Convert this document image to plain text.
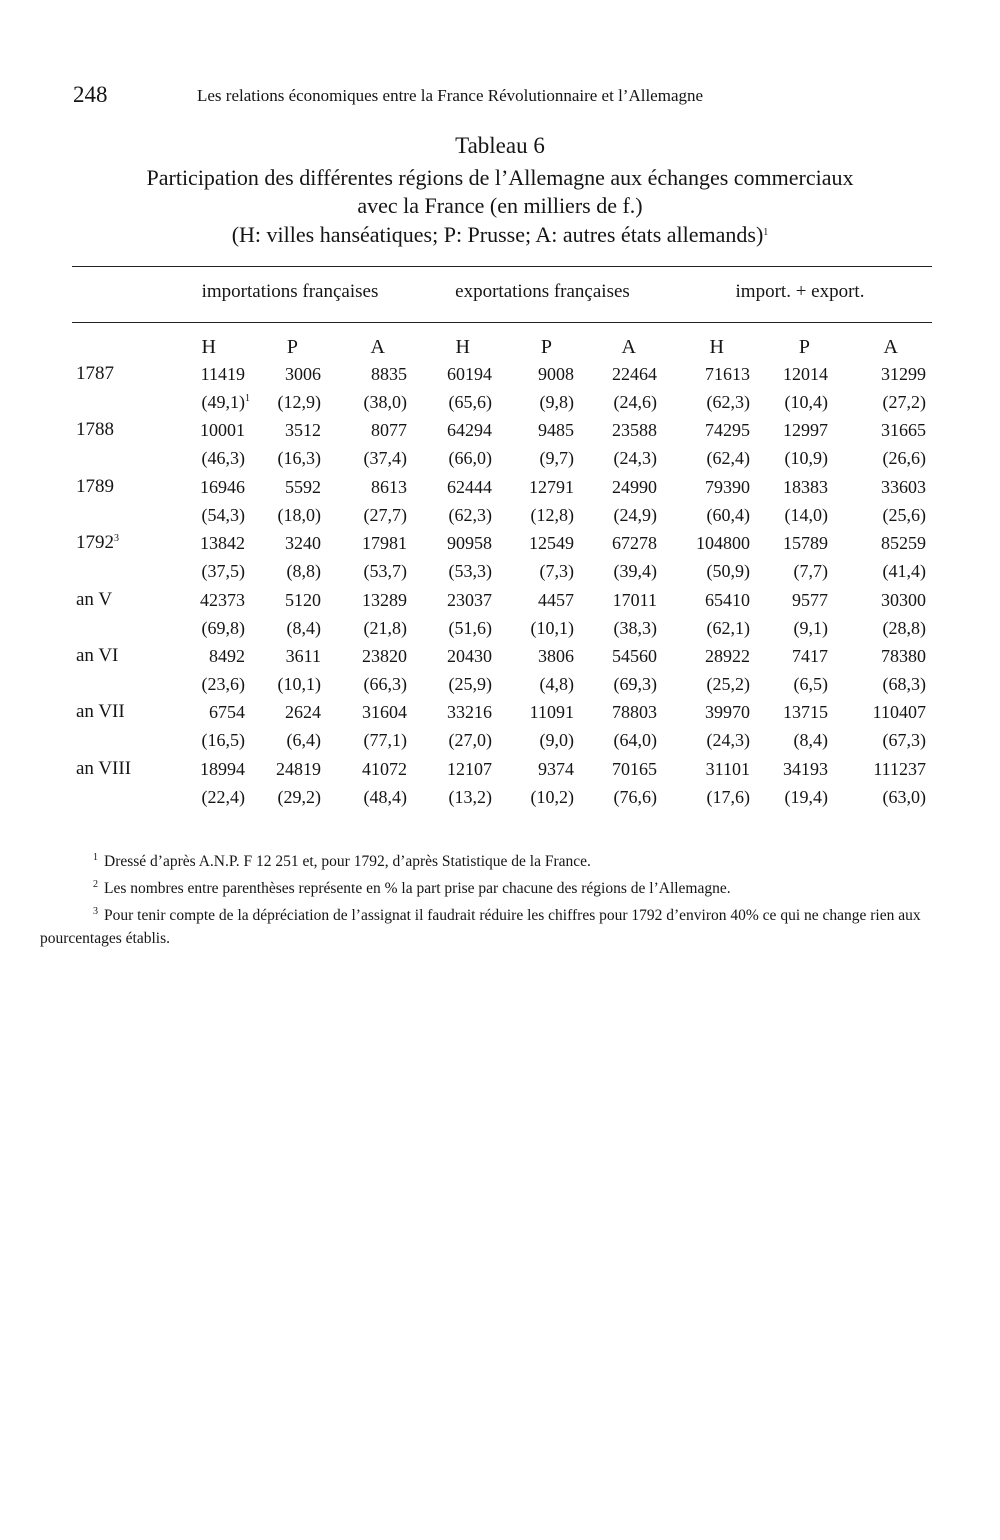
248	Les relations économiques entre la France Révolutionnaire et l’Allemagne
Tableau 6
Participation des différentes régions de l’Allemagne aux échanges commerciaux
avec la France (en milliers de f.)
(H: villes hanséatiques; P: Prusse; A: autres états allemands)$^1$
importations françaises	exportations françaises	import. + export.
H	P	A	H	P	A	H	P	A
1787	11419	3006	8835	60194	9008	22464	71613	12014	31299
$(49,1)^1$	(12,9)	(38,0)	(65,6)	(9,8)	(24,6)	(62,3)	(10,4)	(27,2)
1788	10001	3512	8077	64294	9485	23588	74295	12997	31665
(46,3)	(16,3)	(37,4)	(66,0)	(9,7)	(24,3)	(62,4)	(10,9)	(26,6)
1789	16946	5592	8613	62444	12791	24990	79390	18383	33603
(54,3)	(18,0)	(27,7)	(62,3)	(12,8)	(24,9)	(60,4)	(14,0)	(25,6)
1792$^3$	13842	3240	17981	90958	12549	67278	104800	15789	85259
(37,5)	(8,8)	(53,7)	(53,3)	(7,3)	(39,4)	(50,9)	(7,7)	(41,4)
an V	42373	5120	13289	23037	4457	17011	65410	9577	30300
(69,8)	(8,4)	(21,8)	(51,6)	(10,1)	(38,3)	(62,1)	(9,1)	(28,8)
an VI	8492	3611	23820	20430	3806	54560	28922	7417	78380
(23,6)	(10,1)	(66,3)	(25,9)	(4,8)	(69,3)	(25,2)	(6,5)	(68,3)
an VII	6754	2624	31604	33216	11091	78803	39970	13715	110407
(16,5)	(6,4)	(77,1)	(27,0)	(9,0)	(64,0)	(24,3)	(8,4)	(67,3)
an VIII	18994	24819	41072	12107	9374	70165	31101	34193	111237
(22,4)	(29,2)	(48,4)	(13,2)	(10,2)	(76,6)	(17,6)	(19,4)	(63,0)

$^1$ Dressé d’après A.N.P. F 12 251 et, pour 1792, d’après Statistique de la France.

$^2$ Les nombres entre parenthèses représente en % la part prise par chacune des régions de l’Allemagne.

$^3$ Pour tenir compte de la dépréciation de l’assignat il faudrait réduire les chiffres pour 1792 d’environ 40% ce qui ne change rien aux pourcentages établis.
